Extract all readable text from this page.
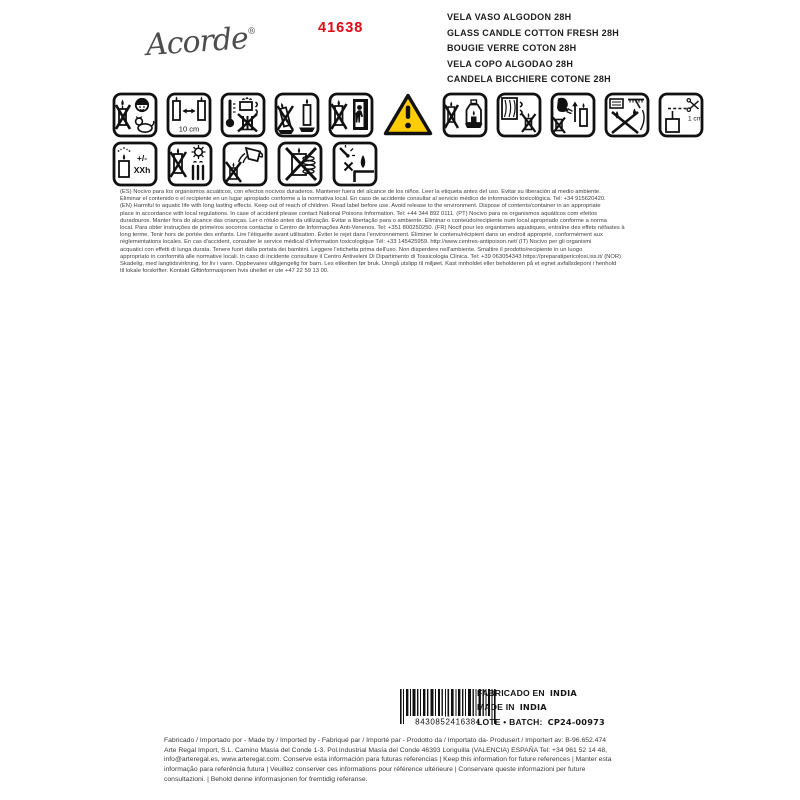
Acorde®	41638
VELA VASO ALGODON 28H
GLASS CANDLE COTTON FRESH 28H
BOUGIE VERRE COTON 28H
VELA COPO ALGODAO 28H
CANDELA BICCHIERE COTONE 28H
10 cm
1 cm
+/-
XXh
(ES) Nocivo para los organismos acuáticos, con efectos nocivos duraderos. Mantener fuera del alcance de los niños. Leer la etiqueta antes del uso. Evitar su liberación al medio ambiente.
Eliminar el contenido o el recipiente en un lugar apropiado conforme a la normativa local. En caso de accidente consultar al servicio médico de información toxicológica. Tel: +34 915620420.
(EN) Harmful to aquatic life with long lasting effects. Keep out of reach of children. Read label before use. Avoid release to the environment. Dispose of contents/container in an appropriate
place in accordance with local regulations. In case of accident please contact National Poisons Information. Tel: +44 344 892 0111. (PT) Nocivo para os organismos aquáticos com efeitos
duradouros. Manter fora do alcance das crianças. Ler o rótulo antes da utilização. Evitar a libertação para o ambiente. Eliminar o conteúdo/recipiente num local apropriado conforme a norma
local. Para obter instruções de primeiros socorros contactar o Centro de Informações Anti-Venenos. Tel: +351 800250250. (FR) Nocif pour les organismes aquatiques, entraîne des effets néfastes à
long terme. Tenir hors de portée des enfants. Lire l'étiquette avant utilisation. Éviter le rejet dans l'environnement. Éliminer le contenu/récipient dans un endroit approprié, conformément aux
réglementations locales. En cas d'accident, consulter le service médical d'information toxicologique Tél: +33 145425959. http://www.centres-antipoison.net/ (IT) Nocivo per gli organismi
acquatici con effetti di lunga durata. Tenere fuori dalla portata dei bambini. Leggere l'etichetta prima dell'uso. Non disperdere nell'ambiente. Smaltire il prodotto/recipiente in un luogo
appropriato in conformità alle normative locali. In caso di incidente consultare il Centro Antiveleni Di Dipartimento di Tossicologia Clinica. Tel: +39 063054343 https://preparatipericolosi.iss.it/ (NOR)
Skadelig, med langtidsvirkning, for liv i vann. Oppbevares utilgjengelig for barn. Les etiketten før bruk. Unngå utslipp til miljøet. Kast innholdet eller beholderen på et egnet avfallsdeponi i henhold
til lokale forskrifter. Kontakt Giftinformasjonen hvis uhellet er ute +47 22 59 13 00.
8430852416384
FABRICADO EN INDIA
MADE IN INDIA
LOTE • BATCH: CP24-00973
Fabricado / Importado por - Made by / Imported by - Fabriqué par / Importé par - Prodotto da / Importato da- Produsert / Importert av: B-96.652.474
Arte Regal Import, S.L. Camino Masía del Conde 1-3. Pol.Industrial Masía del Conde 46393 Loriguilla (VALENCIA) ESPAÑA Tel: +34 961 52 14 48,
info@arteregal.es, www.arteregal.com. Conserve esta información para futuras referencias | Keep this information for future references | Manter esta
informação para referência futura | Veuillez conserver ces informations pour référence ultérieure | Conservare queste informazioni per future
consultazioni. | Behold denne informasjonen for fremtidig referanse.
